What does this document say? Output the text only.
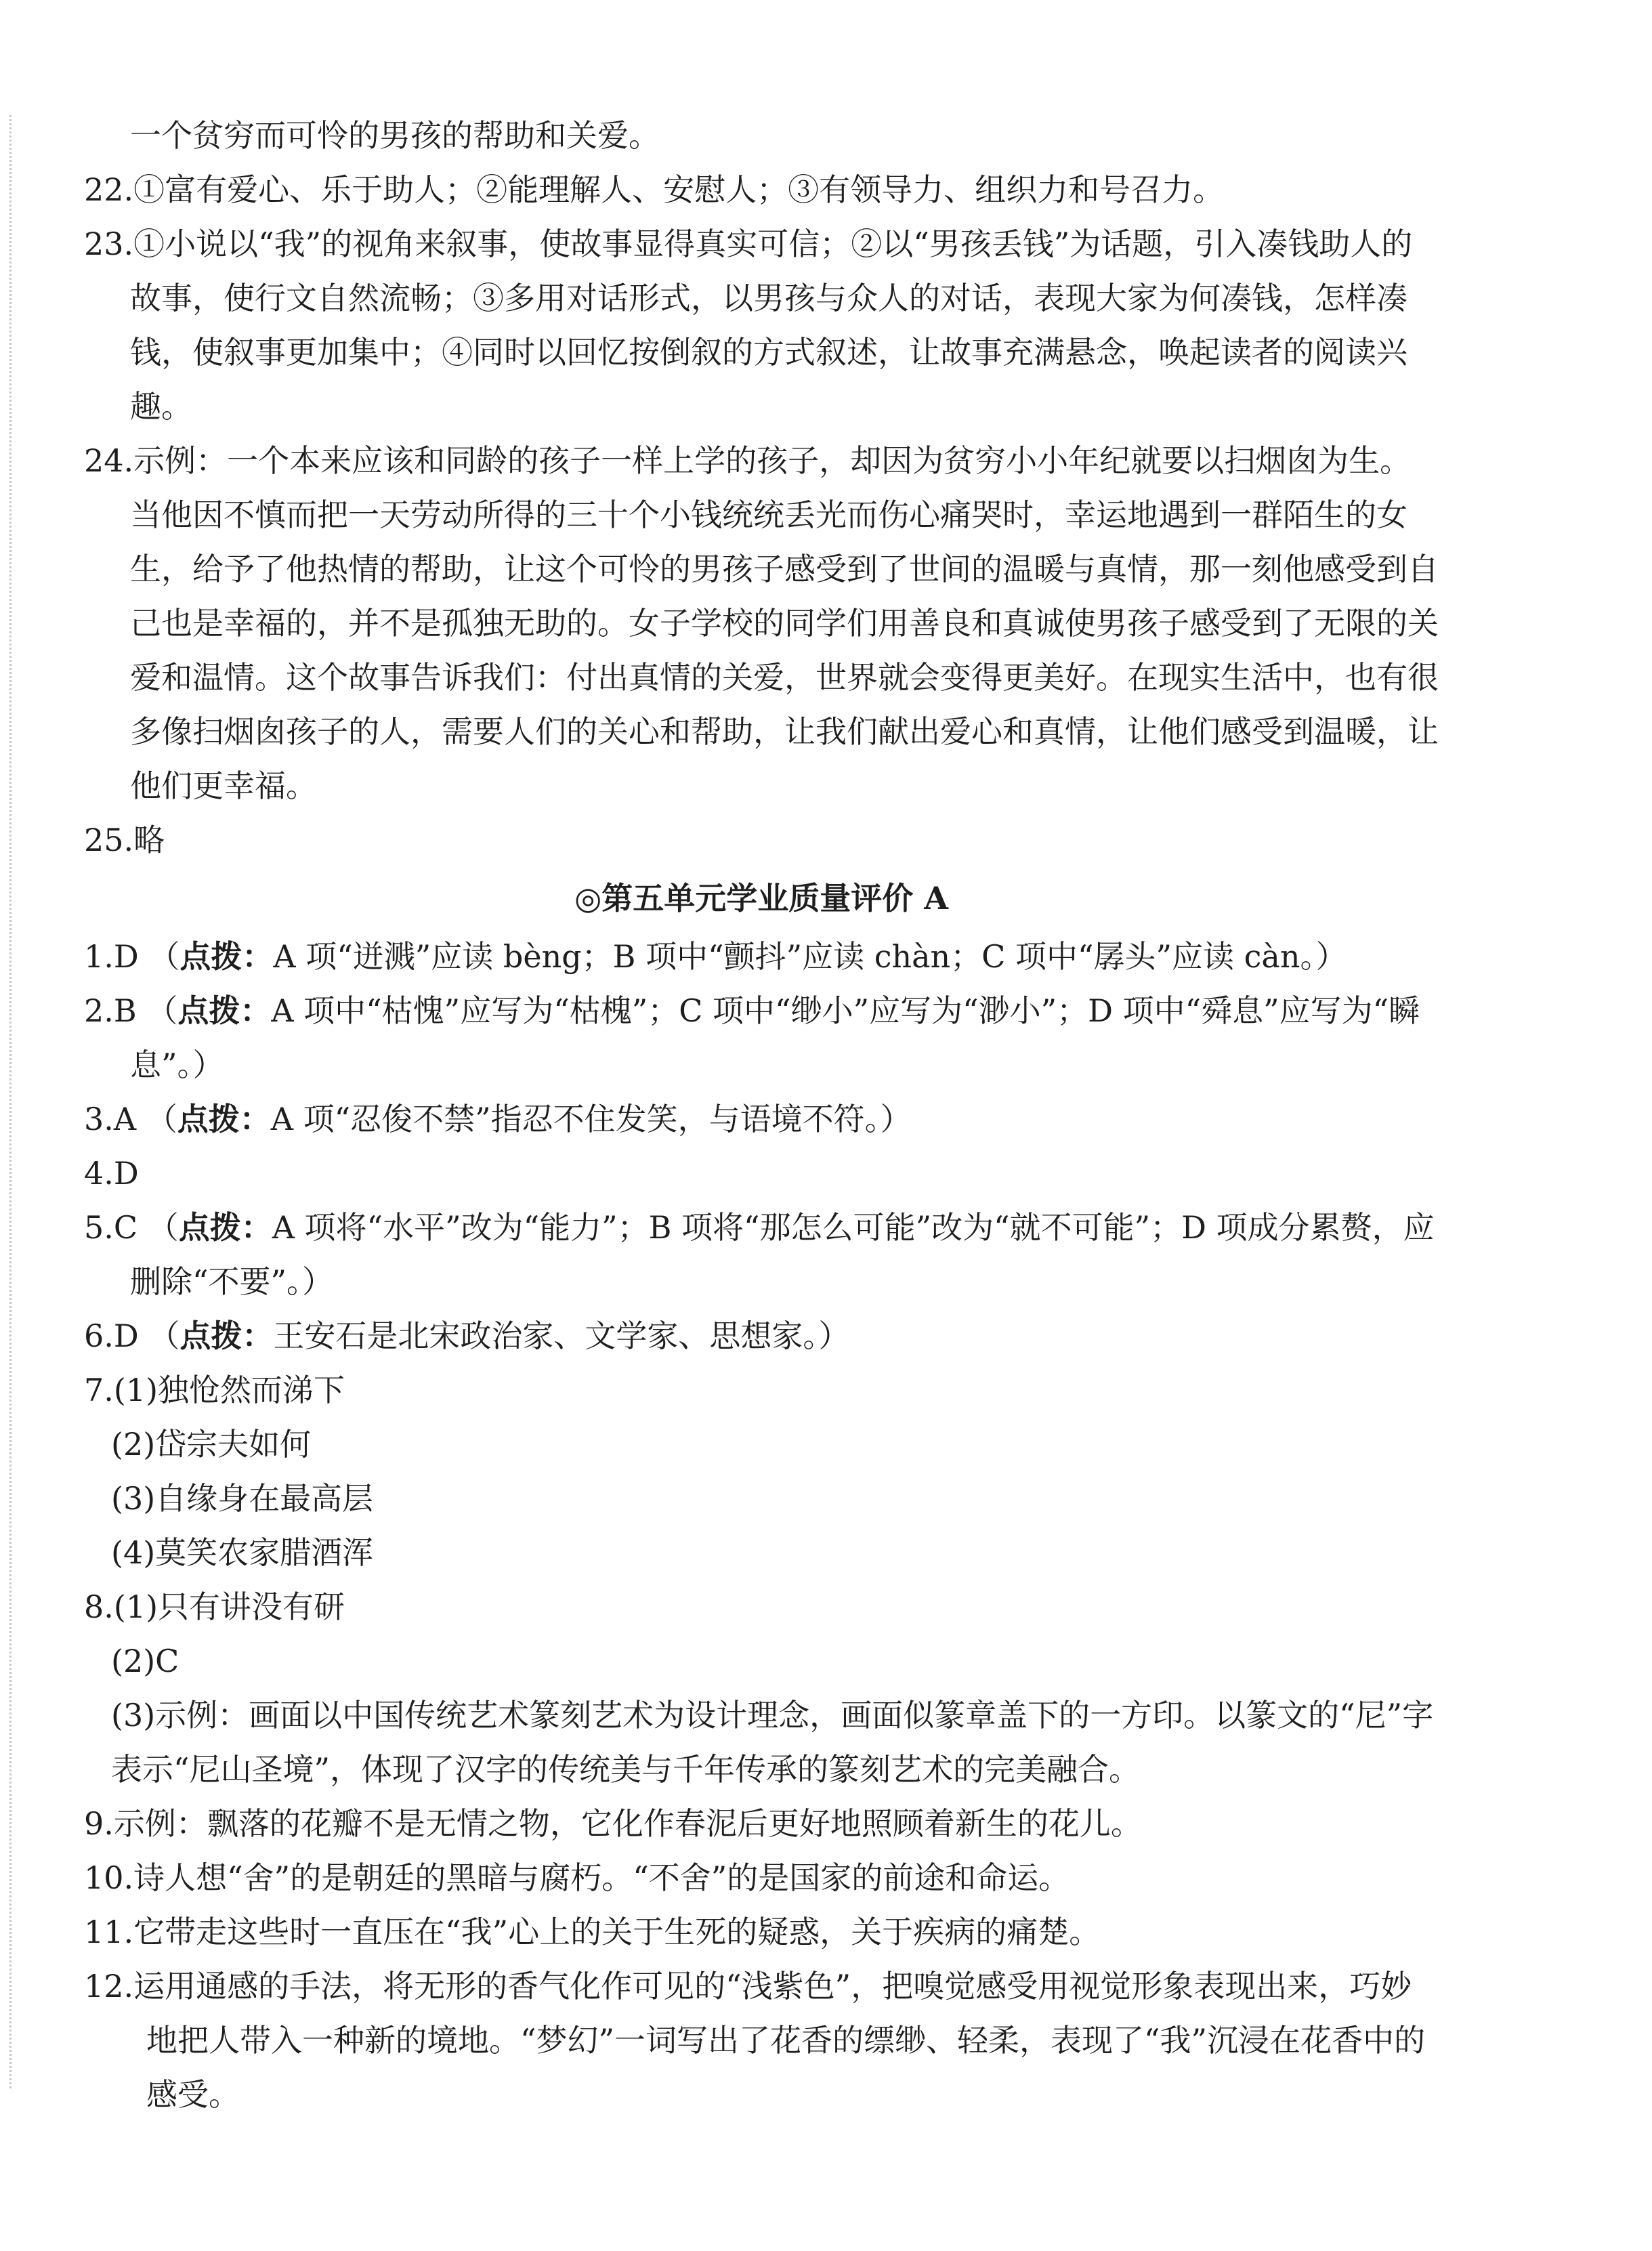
一个贫穷而可怜的男孩的帮助和关爱。

22.①富有爱心、乐于助人；②能理解人、安慰人；③有领导力、组织力和号召力。

23.①小说以“我”的视角来叙事，使故事显得真实可信；②以“男孩丢钱”为话题，引入凑钱助人的故事，使行文自然流畅；③多用对话形式，以男孩与众人的对话，表现大家为何凑钱，怎样凑钱，使叙事更加集中；④同时以回忆按倒叙的方式叙述，让故事充满悬念，唤起读者的阅读兴趣。

24.示例：一个本来应该和同龄的孩子一样上学的孩子，却因为贫穷小小年纪就要以扫烟囱为生。当他因不慎而把一天劳动所得的三十个小钱统统丢光而伤心痛哭时，幸运地遇到一群陌生的女生，给予了他热情的帮助，让这个可怜的男孩子感受到了世间的温暖与真情，那一刻他感受到自己也是幸福的，并不是孤独无助的。女子学校的同学们用善良和真诚使男孩子感受到了无限的关爱和温情。这个故事告诉我们：付出真情的关爱，世界就会变得更美好。在现实生活中，也有很多像扫烟囱孩子的人，需要人们的关心和帮助，让我们献出爱心和真情，让他们感受到温暖，让他们更幸福。

25.略

◎第五单元学业质量评价 A

1.D （点拨：A 项“迸溅”应读 bèng；B 项中“颤抖”应读 chàn；C 项中“孱头”应读 càn。）

2.B （点拨：A 项中“枯愧”应写为“枯槐”；C 项中“缈小”应写为“渺小”；D 项中“舜息”应写为“瞬息”。）

3.A （点拨：A 项“忍俊不禁”指忍不住发笑，与语境不符。）

4.D

5.C （点拨：A 项将“水平”改为“能力”；B 项将“那怎么可能”改为“就不可能”；D 项成分累赘，应删除“不要”。）

6.D （点拨：王安石是北宋政治家、文学家、思想家。）

7.(1)独怆然而涕下

(2)岱宗夫如何

(3)自缘身在最高层

(4)莫笑农家腊酒浑

8.(1)只有讲没有研

(2)C

(3)示例：画面以中国传统艺术篆刻艺术为设计理念，画面似篆章盖下的一方印。以篆文的“尼”字表示“尼山圣境”，体现了汉字的传统美与千年传承的篆刻艺术的完美融合。

9.示例：飘落的花瓣不是无情之物，它化作春泥后更好地照顾着新生的花儿。

10.诗人想“舍”的是朝廷的黑暗与腐朽。“不舍”的是国家的前途和命运。

11.它带走这些时一直压在“我”心上的关于生死的疑惑，关于疾病的痛楚。

12.运用通感的手法，将无形的香气化作可见的“浅紫色”，把嗅觉感受用视觉形象表现出来，巧妙地把人带入一种新的境地。“梦幻”一词写出了花香的缥缈、轻柔，表现了“我”沉浸在花香中的感受。
